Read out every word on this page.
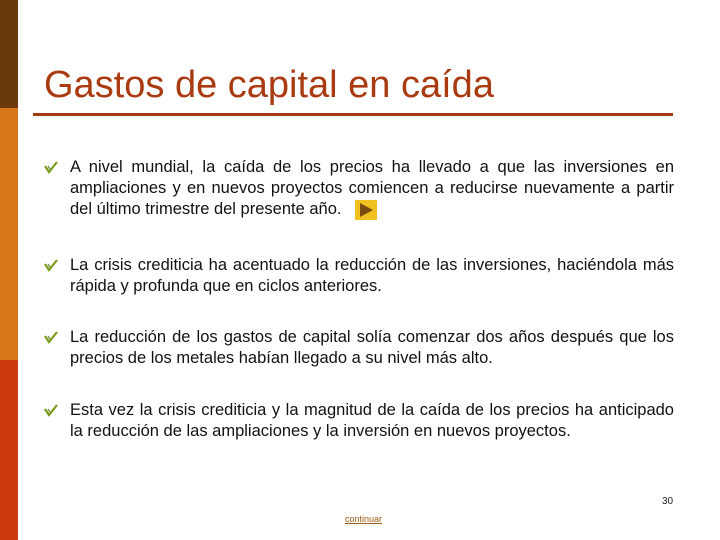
Gastos de capital en caída
A nivel mundial, la caída de los precios ha llevado a que las inversiones en ampliaciones y en nuevos proyectos comiencen a reducirse nuevamente a partir del último trimestre del presente año.
La crisis crediticia ha acentuado la reducción de las inversiones, haciéndola más rápida y profunda que en ciclos anteriores.
La reducción de los gastos de capital solía comenzar dos años después que los precios de los metales habían llegado a su nivel más alto.
Esta vez la crisis crediticia y la magnitud de la caída de los precios ha anticipado la reducción de las ampliaciones y la inversión en nuevos proyectos.
30
continuar
